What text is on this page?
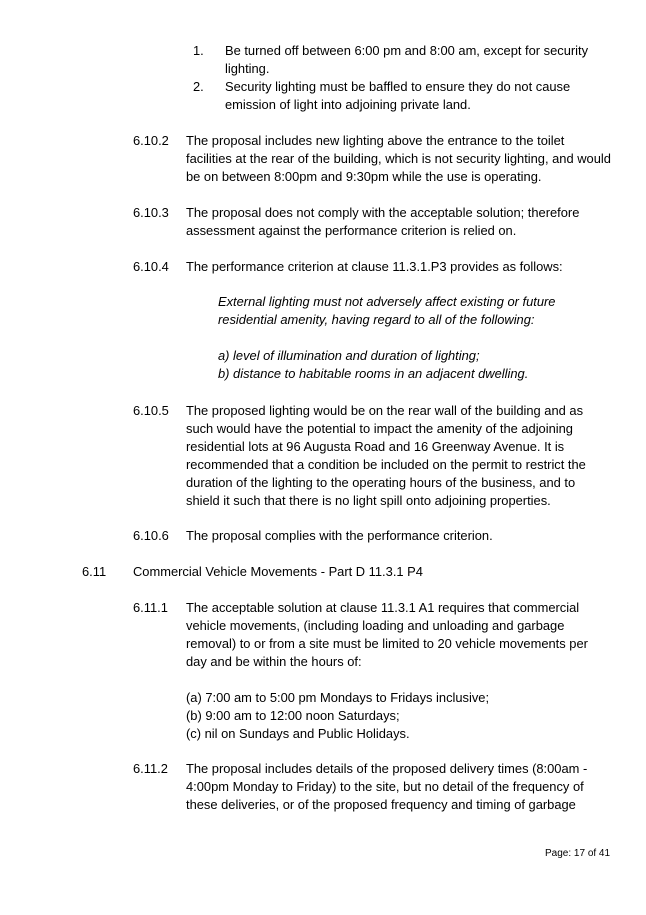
1. Be turned off between 6:00 pm and 8:00 am, except for security
lighting.
2. Security lighting must be baffled to ensure they do not cause
emission of light into adjoining private land.
6.10.2 The proposal includes new lighting above the entrance to the toilet
facilities at the rear of the building, which is not security lighting, and would
be on between 8:00pm and 9:30pm while the use is operating.
6.10.3 The proposal does not comply with the acceptable solution; therefore
assessment against the performance criterion is relied on.
6.10.4 The performance criterion at clause 11.3.1.P3 provides as follows:
External lighting must not adversely affect existing or future
residential amenity, having regard to all of the following:
a) level of illumination and duration of lighting;
b) distance to habitable rooms in an adjacent dwelling.
6.10.5 The proposed lighting would be on the rear wall of the building and as
such would have the potential to impact the amenity of the adjoining
residential lots at 96 Augusta Road and 16 Greenway Avenue. It is
recommended that a condition be included on the permit to restrict the
duration of the lighting to the operating hours of the business, and to
shield it such that there is no light spill onto adjoining properties.
6.10.6 The proposal complies with the performance criterion.
6.11 Commercial Vehicle Movements - Part D 11.3.1 P4
6.11.1 The acceptable solution at clause 11.3.1 A1 requires that commercial
vehicle movements, (including loading and unloading and garbage
removal) to or from a site must be limited to 20 vehicle movements per
day and be within the hours of:
(a) 7:00 am to 5:00 pm Mondays to Fridays inclusive;
(b) 9:00 am to 12:00 noon Saturdays;
(c) nil on Sundays and Public Holidays.
6.11.2 The proposal includes details of the proposed delivery times (8:00am -
4:00pm Monday to Friday) to the site, but no detail of the frequency of
these deliveries, or of the proposed frequency and timing of garbage
Page: 17 of 41
